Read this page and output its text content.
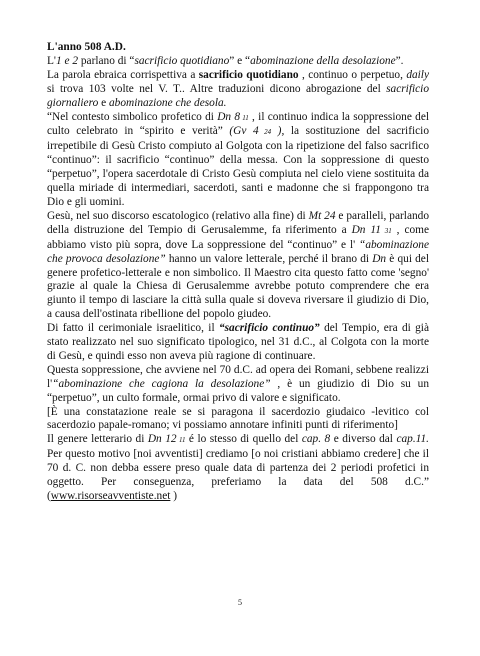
L'anno 508 A.D.

L'1 e 2 parlano di “sacrificio quotidiano” e “abominazione della desolazione”.

La parola ebraica corrispettiva a sacrificio quotidiano , continuo o perpetuo, daily si trova 103 volte nel V. T.. Altre traduzioni dicono abrogazione del sacrificio giornaliero e abominazione che desola.

“Nel contesto simbolico profetico di Dn 8 11 , il continuo indica la soppressione del culto celebrato in “spirito e verità” (Gv 4 24 ), la sostituzione del sacrificio irrepetibile di Gesù Cristo compiuto al Golgota con la ripetizione del falso sacrifico “continuo”: il sacrificio “continuo” della messa. Con la soppressione di questo “perpetuo”, l'opera sacerdotale di Cristo Gesù compiuta nel cielo viene sostituita da quella miriade di intermediari, sacerdoti, santi e madonne che si frappongono tra Dio e gli uomini.

Gesù, nel suo discorso escatologico (relativo alla fine) di Mt 24 e paralleli, parlando della distruzione del Tempio di Gerusalemme, fa riferimento a Dn 11 31 , come abbiamo visto più sopra, dove La soppressione del “continuo” e l' “abominazione che provoca desolazione” hanno un valore letterale, perché il brano di Dn è qui del genere profetico-letterale e non simbolico. Il Maestro cita questo fatto come 'segno' grazie al quale la Chiesa di Gerusalemme avrebbe potuto comprendere che era giunto il tempo di lasciare la città sulla quale si doveva riversare il giudizio di Dio, a causa dell'ostinata ribellione del popolo giudeo.

Di fatto il cerimoniale israelitico, il “sacrificio continuo” del Tempio, era di già stato realizzato nel suo significato tipologico, nel 31 d.C., al Colgota con la morte di Gesù, e quindi esso non aveva più ragione di continuare.

Questa soppressione, che avviene nel 70 d.C. ad opera dei Romani, sebbene realizzi l'“abominazione che cagiona la desolazione” , è un giudizio di Dio su un “perpetuo”, un culto formale, ormai privo di valore e significato.

[È una constatazione reale se si paragona il sacerdozio giudaico -levitico col sacerdozio papale-romano; vi possiamo annotare infiniti punti di riferimento]

Il genere letterario di Dn 12 11 é lo stesso di quello del cap. 8 e diverso dal cap.11. Per questo motivo [noi avventisti] crediamo [o noi cristiani abbiamo credere] che il 70 d. C. non debba essere preso quale data di partenza dei 2 periodi profetici in oggetto. Per conseguenza, preferiamo la data del 508 d.C.” (www.risorseavventiste.net )

5
